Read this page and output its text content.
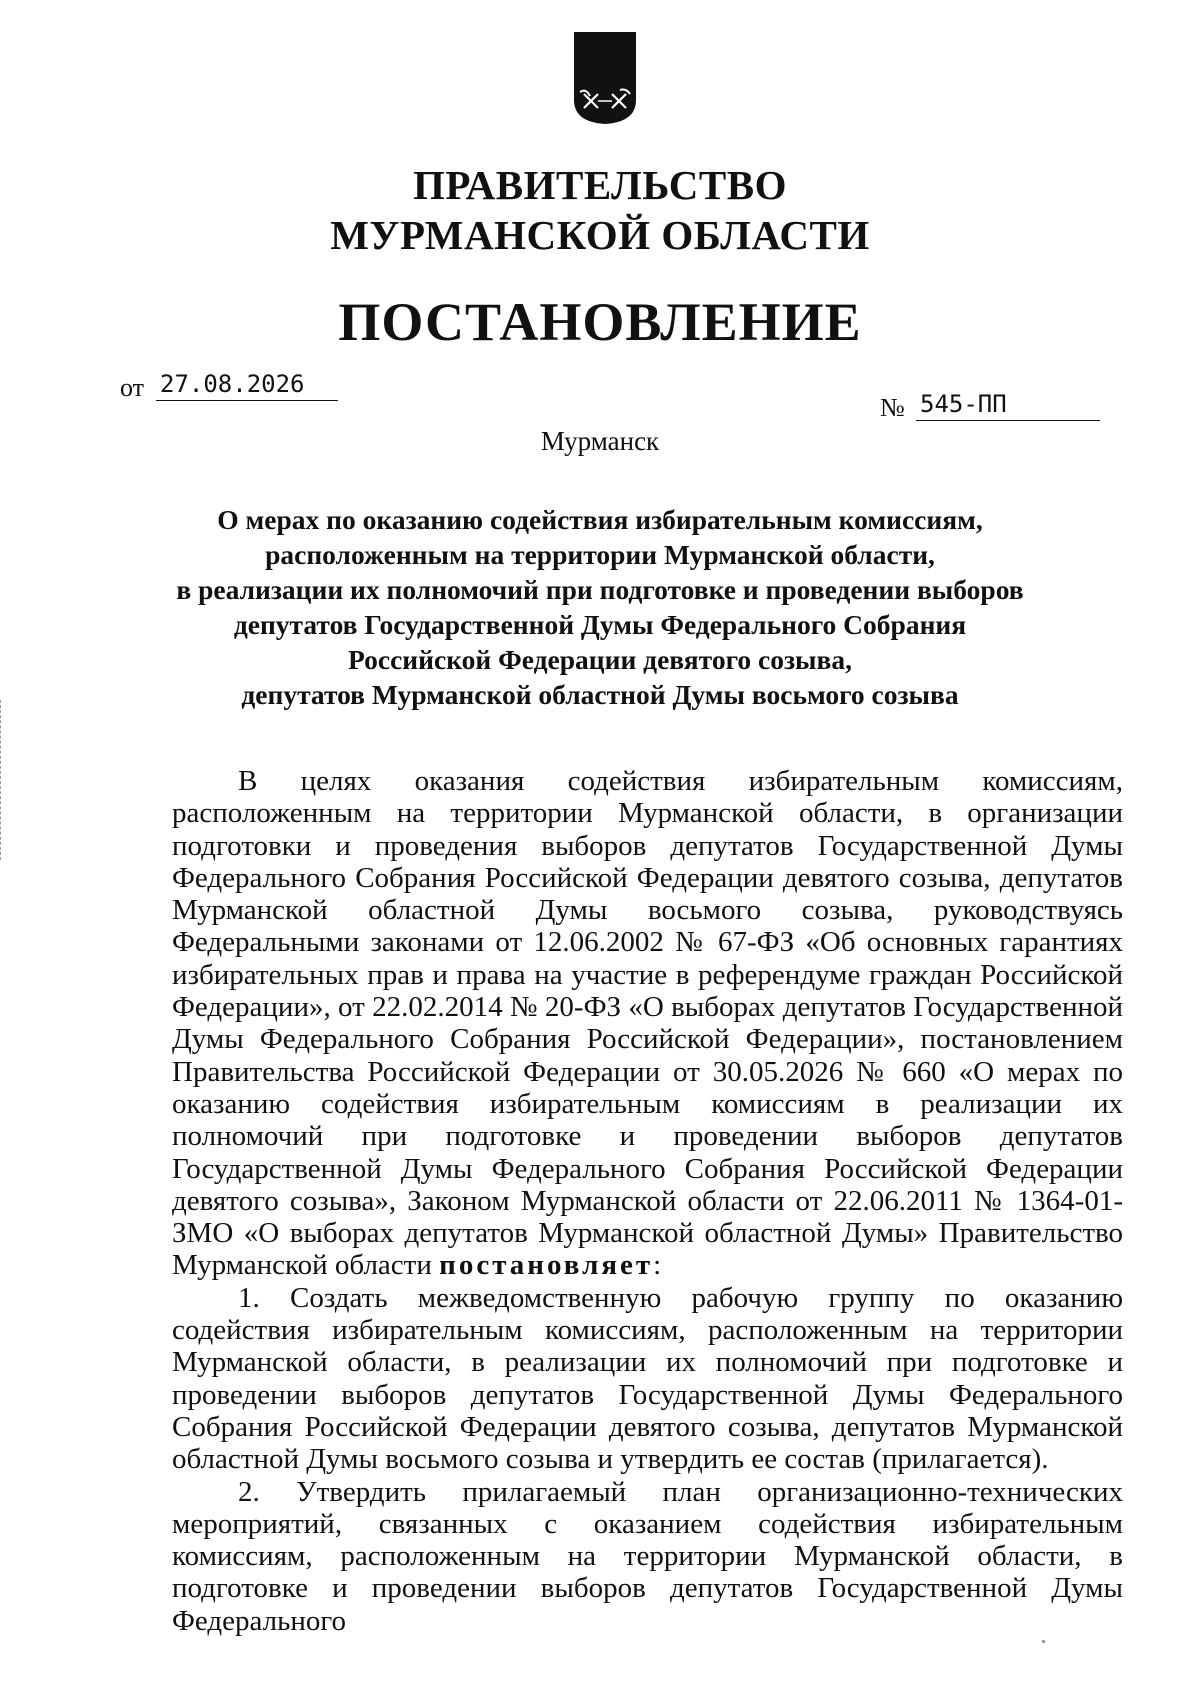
ПРАВИТЕЛЬСТВО
МУРМАНСКОЙ ОБЛАСТИ
ПОСТАНОВЛЕНИЕ
от 27.08.2026
№ 545-ПП
Мурманск
О мерах по оказанию содействия избирательным комиссиям,
расположенным на территории Мурманской области,
в реализации их полномочий при подготовке и проведении выборов
депутатов Государственной Думы Федерального Собрания
Российской Федерации девятого созыва,
депутатов Мурманской областной Думы восьмого созыва

В целях оказания содействия избирательным комиссиям, расположенным на территории Мурманской области, в организации подготовки и проведения выборов депутатов Государственной Думы Федерального Собрания Российской Федерации девятого созыва, депутатов Мурманской областной Думы восьмого созыва, руководствуясь Федеральными законами от 12.06.2002 № 67-ФЗ «Об основных гарантиях избирательных прав и права на участие в референдуме граждан Российской Федерации», от 22.02.2014 № 20-ФЗ «О выборах депутатов Государственной Думы Федерального Собрания Российской Федерации», постановлением Правительства Российской Федерации от 30.05.2026 № 660 «О мерах по оказанию содействия избирательным комиссиям в реализации их полномочий при подготовке и проведении выборов депутатов Государственной Думы Федерального Собрания Российской Федерации девятого созыва», Законом Мурманской области от 22.06.2011 № 1364-01-ЗМО «О выборах депутатов Мурманской областной Думы» Правительство Мурманской области постановляет:

1. Создать межведомственную рабочую группу по оказанию содействия избирательным комиссиям, расположенным на территории Мурманской области, в реализации их полномочий при подготовке и проведении выборов депутатов Государственной Думы Федерального Собрания Российской Федерации девятого созыва, депутатов Мурманской областной Думы восьмого созыва и утвердить ее состав (прилагается).

2. Утвердить прилагаемый план организационно-технических мероприятий, связанных с оказанием содействия избирательным комиссиям, расположенным на территории Мурманской области, в подготовке и проведении выборов депутатов Государственной Думы Федерального
